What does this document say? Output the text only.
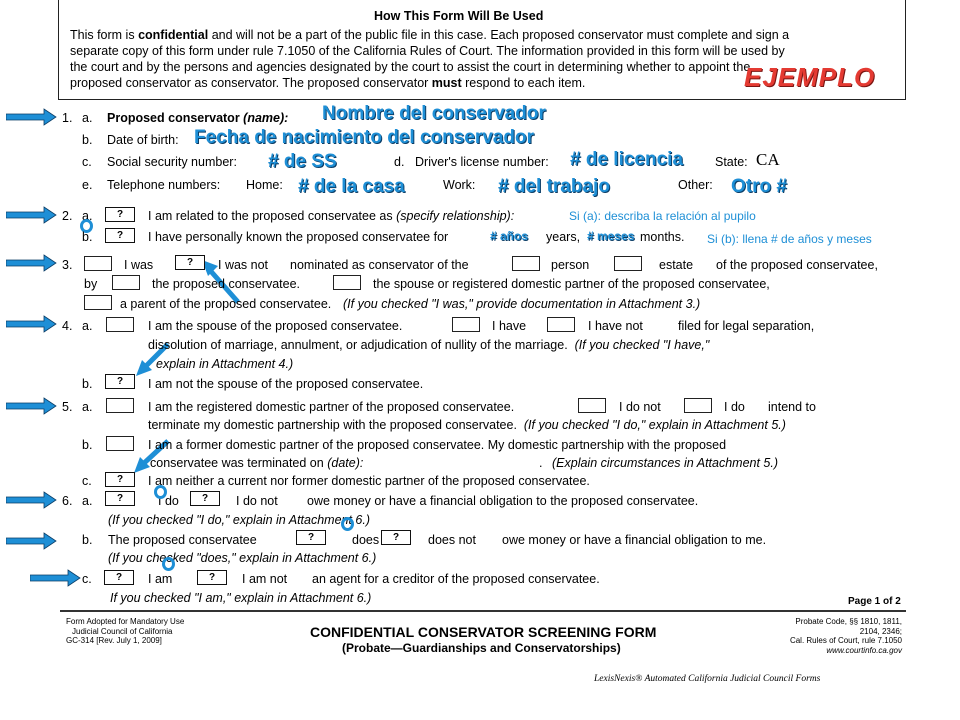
How This Form Will Be Used
This form is confidential and will not be a part of the public file in this case. Each proposed conservator must complete and sign a
separate copy of this form under rule 7.1050 of the California Rules of Court. The information provided in this form will be used by
the court and by the persons and agencies designated by the court to assist the court in determining whether to appoint the
proposed conservator as conservator. The proposed conservator must respond to each item.	EJEMPLO
1. a. Proposed conservator (name): Nombre del conservador
b. Date of birth: Fecha de nacimiento del conservador
c. Social security number: # de SS	d. Driver's license number: # de licencia	State: CA
e. Telephone numbers: Home: # de la casa	Work: # del trabajo	Other: Otro #
2. a.	?	I am related to the proposed conservatee as (specify relationship):	Si (a): describa la relación al pupilo
b.	?	I have personally known the proposed conservatee for	# años years, # meses months. Si (b): llena # de años y meses
3.	I was	?	I was not nominated as conservator of the	person	estate of the proposed conservatee,
by	the proposed conservatee.	the spouse or registered domestic partner of the proposed conservatee,
a parent of the proposed conservatee. (If you checked "I was," provide documentation in Attachment 3.)
4. a.	I am the spouse of the proposed conservatee.	I have	I have not	filed for legal separation,
dissolution of marriage, annulment, or adjudication of nullity of the marriage. (If you checked "I have,"
explain in Attachment 4.)
b.	?	I am not the spouse of the proposed conservatee.
5. a.	I am the registered domestic partner of the proposed conservatee.	I do not	I do intend to
terminate my domestic partnership with the proposed conservatee. (If you checked "I do," explain in Attachment 5.)
b.	I am a former domestic partner of the proposed conservatee. My domestic partnership with the proposed
conservatee was terminated on (date):	. (Explain circumstances in Attachment 5.)
c.	?	I am neither a current nor former domestic partner of the proposed conservatee.
6. a.	?	I do	?	I do not owe money or have a financial obligation to the proposed conservatee.
(If you checked "I do," explain in Attachment 6.)
b. The proposed conservatee	?	does	?	does not owe money or have a financial obligation to me.
(If you checked "does," explain in Attachment 6.)
c.	?	I am	?	I am not an agent for a creditor of the proposed conservatee.
If you checked "I am," explain in Attachment 6.)	Page 1 of 2
Form Adopted for Mandatory Use
Judicial Council of California
GC-314 [Rev. July 1, 2009]
CONFIDENTIAL CONSERVATOR SCREENING FORM
(Probate—Guardianships and Conservatorships)
Probate Code, §§ 1810, 1811,
2104, 2346;
Cal. Rules of Court, rule 7.1050
www.courtinfo.ca.gov
LexisNexis® Automated California Judicial Council Forms
